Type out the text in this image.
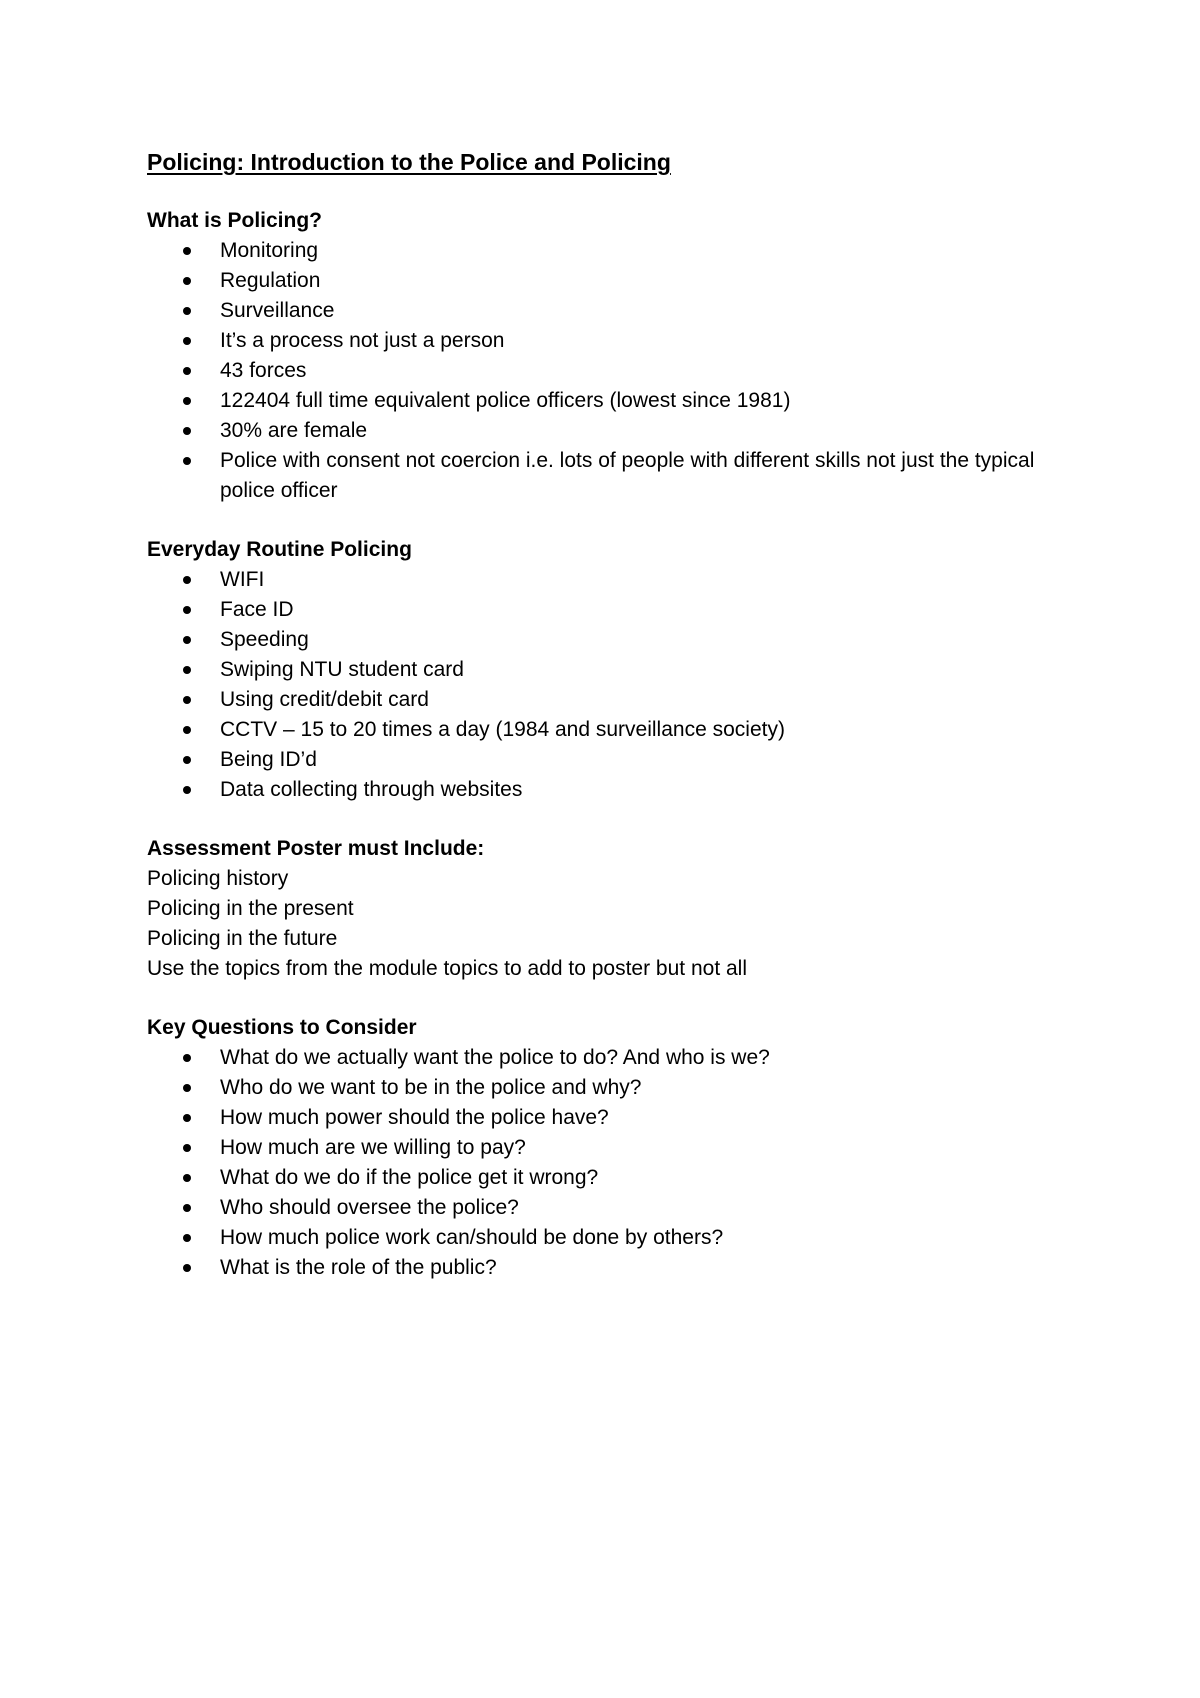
Policing: Introduction to the Police and Policing
What is Policing?
Monitoring
Regulation
Surveillance
It’s a process not just a person
43 forces
122404 full time equivalent police officers (lowest since 1981)
30% are female
Police with consent not coercion i.e. lots of people with different skills not just the typical police officer
Everyday Routine Policing
WIFI
Face ID
Speeding
Swiping NTU student card
Using credit/debit card
CCTV – 15 to 20 times a day (1984 and surveillance society)
Being ID’d
Data collecting through websites
Assessment Poster must Include:
Policing history
Policing in the present
Policing in the future
Use the topics from the module topics to add to poster but not all
Key Questions to Consider
What do we actually want the police to do? And who is we?
Who do we want to be in the police and why?
How much power should the police have?
How much are we willing to pay?
What do we do if the police get it wrong?
Who should oversee the police?
How much police work can/should be done by others?
What is the role of the public?
